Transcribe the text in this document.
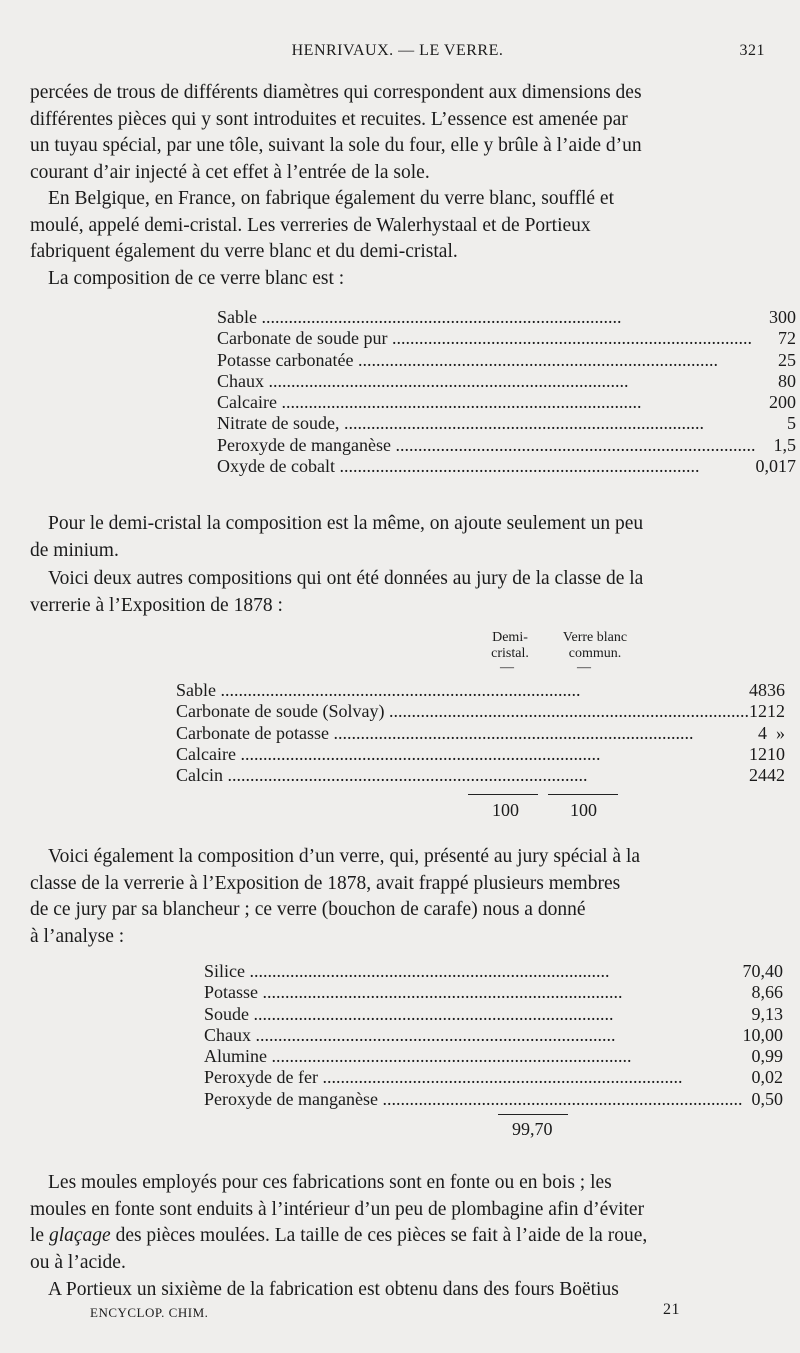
HENRIVAUX. — LE VERRE.	321
percées de trous de différents diamètres qui correspondent aux dimensions des
différentes pièces qui y sont introduites et recuites. L’essence est amenée par
un tuyau spécial, par une tôle, suivant la sole du four, elle y brûle à l’aide d’un
courant d’air injecté à cet effet à l’entrée de la sole.
En Belgique, en France, on fabrique également du verre blanc, soufflé et
moulé, appelé demi-cristal. Les verreries de Walerhystaal et de Portieux
fabriquent également du verre blanc et du demi-cristal.
La composition de ce verre blanc est :
Sable .....	300
Carbonate de soude pur .....	72
Potasse carbonatée .....	25
Chaux .....	80
Calcaire .....	200
Nitrate de soude, .....	5
Peroxyde de manganèse .....	1,5
Oxyde de cobalt .....	0,017
Pour le demi-cristal la composition est la même, on ajoute seulement un peu
de minium.
Voici deux autres compositions qui ont été données au jury de la classe de la
verrerie à l’Exposition de 1878 :
Demi-
cristal.
Verre blanc
commun.
—	—
Sable .....	48	36
Carbonate de soude (Solvay) .....	12	12
Carbonate de potasse .....	4	»
Calcaire .....	12	10
Calcin .....	24	42
100	100
Voici également la composition d’un verre, qui, présenté au jury spécial à la
classe de la verrerie à l’Exposition de 1878, avait frappé plusieurs membres
de ce jury par sa blancheur ; ce verre (bouchon de carafe) nous a donné
à l’analyse :
Silice .....	70,40
Potasse .....	8,66
Soude .....	9,13
Chaux .....	10,00
Alumine .....	0,99
Peroxyde de fer .....	0,02
Peroxyde de manganèse .....	0,50
99,70
Les moules employés pour ces fabrications sont en fonte ou en bois ; les
moules en fonte sont enduits à l’intérieur d’un peu de plombagine afin d’éviter
le glaçage des pièces moulées. La taille de ces pièces se fait à l’aide de la roue,
ou à l’acide.
A Portieux un sixième de la fabrication est obtenu dans des fours Boëtius
ENCYCLOP. CHIM.	21
